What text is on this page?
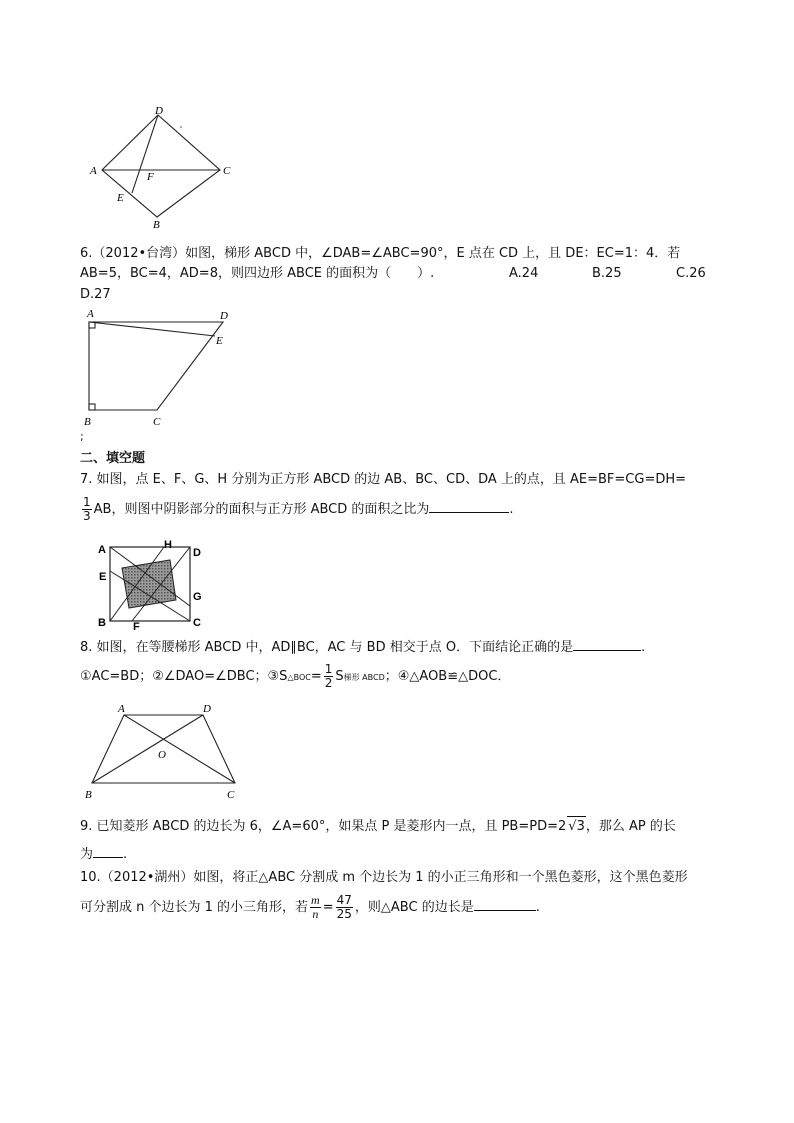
D
A	C
F
E
B
6.（2012•台湾）如图，梯形 ABCD 中，∠DAB=∠ABC=90°，E 点在 CD 上，且 DE：EC=1：4．若
AB=5，BC=4，AD=8，则四边形 ABCE 的面积为（　　）.	A.24	B.25	C.26
D.27
A	D
E
B	C
;
二、填空题
7. 如图，点 E、F、G、H 分别为正方形 ABCD 的边 AB、BC、CD、DA 上的点，且 AE=BF=CG=DH=
$\frac{1}{3}$ AB，则图中阴影部分的面积与正方形 ABCD 的面积之比为	.
A	H
D
E
G
B F	C
8. 如图，在等腰梯形 ABCD 中，AD∥BC，AC 与 BD 相交于点 O．下面结论正确的是	.
①AC=BD；②∠DAO=∠DBC；③S△BOC= $\frac{1}{2}$ S梯形 ABCD；④△AOB≌△DOC．
A	D
O
B	C
9. 已知菱形 ABCD 的边长为 6，∠A=60°，如果点 P 是菱形内一点，且 PB=PD=2 √3，那么 AP 的长
为 .
10.（2012•湖州）如图，将正△ABC 分割成 m 个边长为 1 的小正三角形和一个黑色菱形，这个黑色菱形
可分割成 n 个边长为 1 的小三角形，若 $\frac{m}{n} = \frac{47}{25}$ ，则△ABC 的边长是	.
